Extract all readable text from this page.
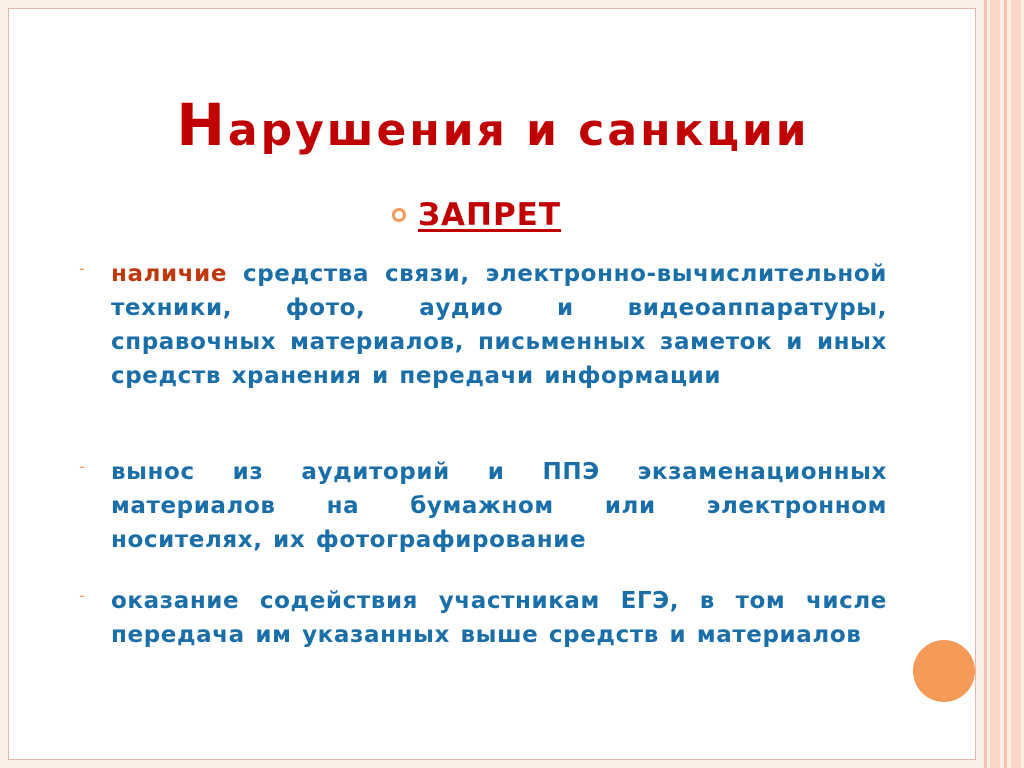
Нарушения и санкции
ЗАПРЕТ
- наличие средства связи, электронно-вычислительной техники, фото, аудио и видеоаппаратуры, справочных материалов, письменных заметок и иных средств хранения и передачи информации
- вынос из аудиторий и ППЭ экзаменационных материалов на бумажном или электронном носителях, их фотографирование
- оказание содействия участникам ЕГЭ, в том числе передача им указанных выше средств и материалов
